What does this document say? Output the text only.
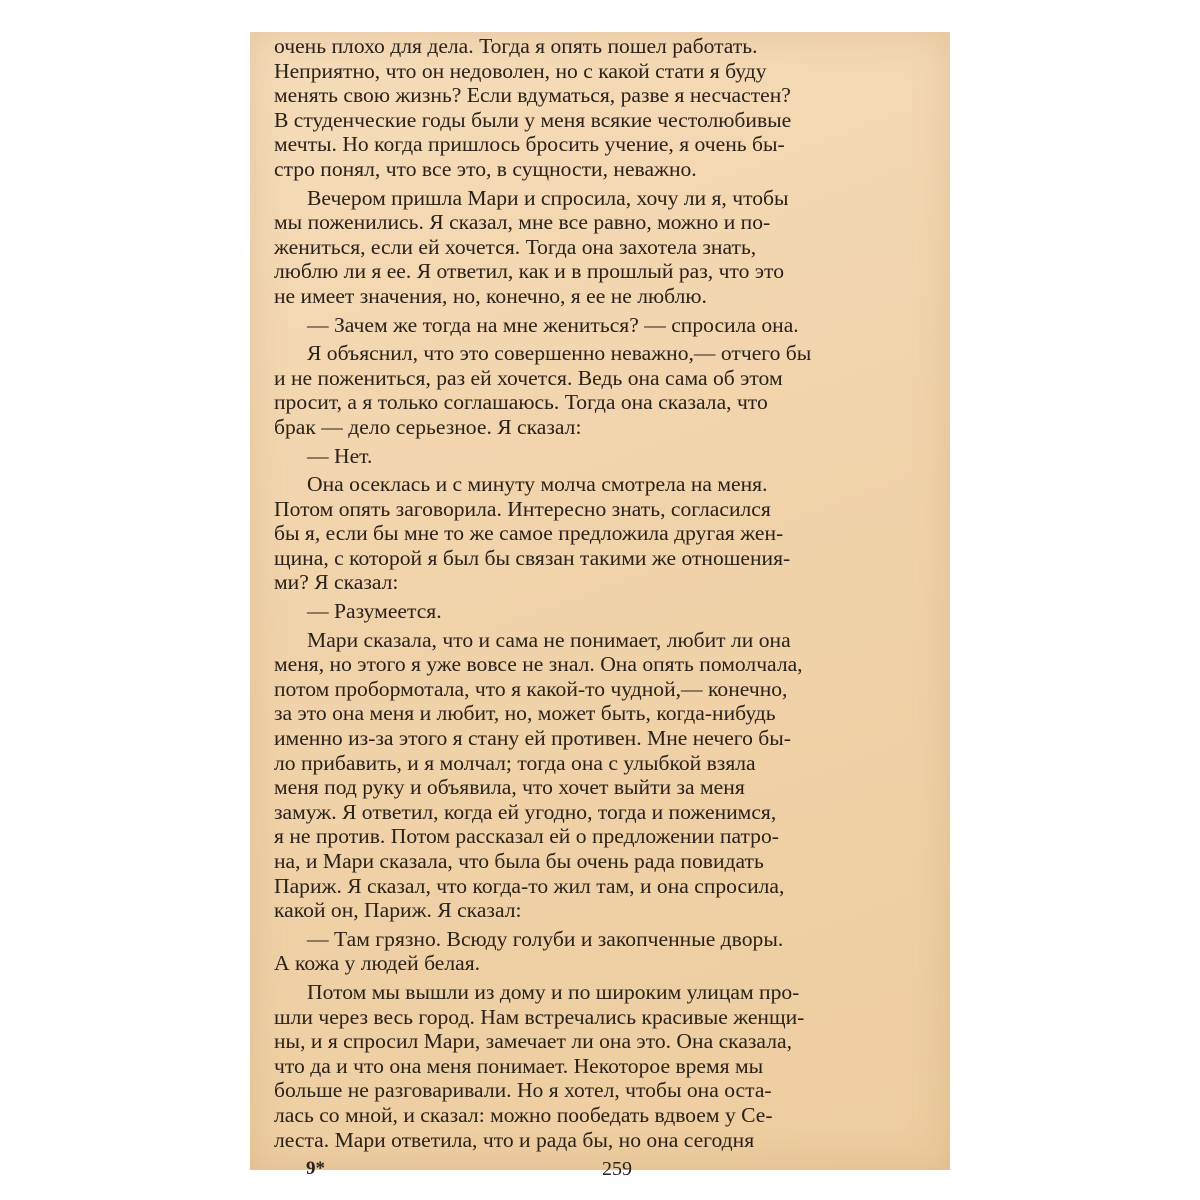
очень плохо для дела. Тогда я опять пошел работать.
Неприятно, что он недоволен, но с какой стати я буду
менять свою жизнь? Если вдуматься, разве я несчастен?
В студенческие годы были у меня всякие честолюбивые
мечты. Но когда пришлось бросить учение, я очень бы-
стро понял, что все это, в сущности, неважно.

Вечером пришла Мари и спросила, хочу ли я, чтобы
мы поженились. Я сказал, мне все равно, можно и по-
жениться, если ей хочется. Тогда она захотела знать,
люблю ли я ее. Я ответил, как и в прошлый раз, что это
не имеет значения, но, конечно, я ее не люблю.

— Зачем же тогда на мне жениться? — спросила она.

Я объяснил, что это совершенно неважно,— отчего бы
и не пожениться, раз ей хочется. Ведь она сама об этом
просит, а я только соглашаюсь. Тогда она сказала, что
брак — дело серьезное. Я сказал:

— Нет.

Она осеклась и с минуту молча смотрела на меня.
Потом опять заговорила. Интересно знать, согласился
бы я, если бы мне то же самое предложила другая жен-
щина, с которой я был бы связан такими же отношения-
ми? Я сказал:

— Разумеется.

Мари сказала, что и сама не понимает, любит ли она
меня, но этого я уже вовсе не знал. Она опять помолчала,
потом пробормотала, что я какой-то чудной,— конечно,
за это она меня и любит, но, может быть, когда-нибудь
именно из-за этого я стану ей противен. Мне нечего бы-
ло прибавить, и я молчал; тогда она с улыбкой взяла
меня под руку и объявила, что хочет выйти за меня
замуж. Я ответил, когда ей угодно, тогда и поженимся,
я не против. Потом рассказал ей о предложении патро-
на, и Мари сказала, что была бы очень рада повидать
Париж. Я сказал, что когда-то жил там, и она спросила,
какой он, Париж. Я сказал:

— Там грязно. Всюду голуби и закопченные дворы.
А кожа у людей белая.

Потом мы вышли из дому и по широким улицам про-
шли через весь город. Нам встречались красивые женщи-
ны, и я спросил Мари, замечает ли она это. Она сказала,
что да и что она меня понимает. Некоторое время мы
больше не разговаривали. Но я хотел, чтобы она оста-
лась со мной, и сказал: можно пообедать вдвоем у Се-
леста. Мари ответила, что и рада бы, но она сегодня

9*	259
